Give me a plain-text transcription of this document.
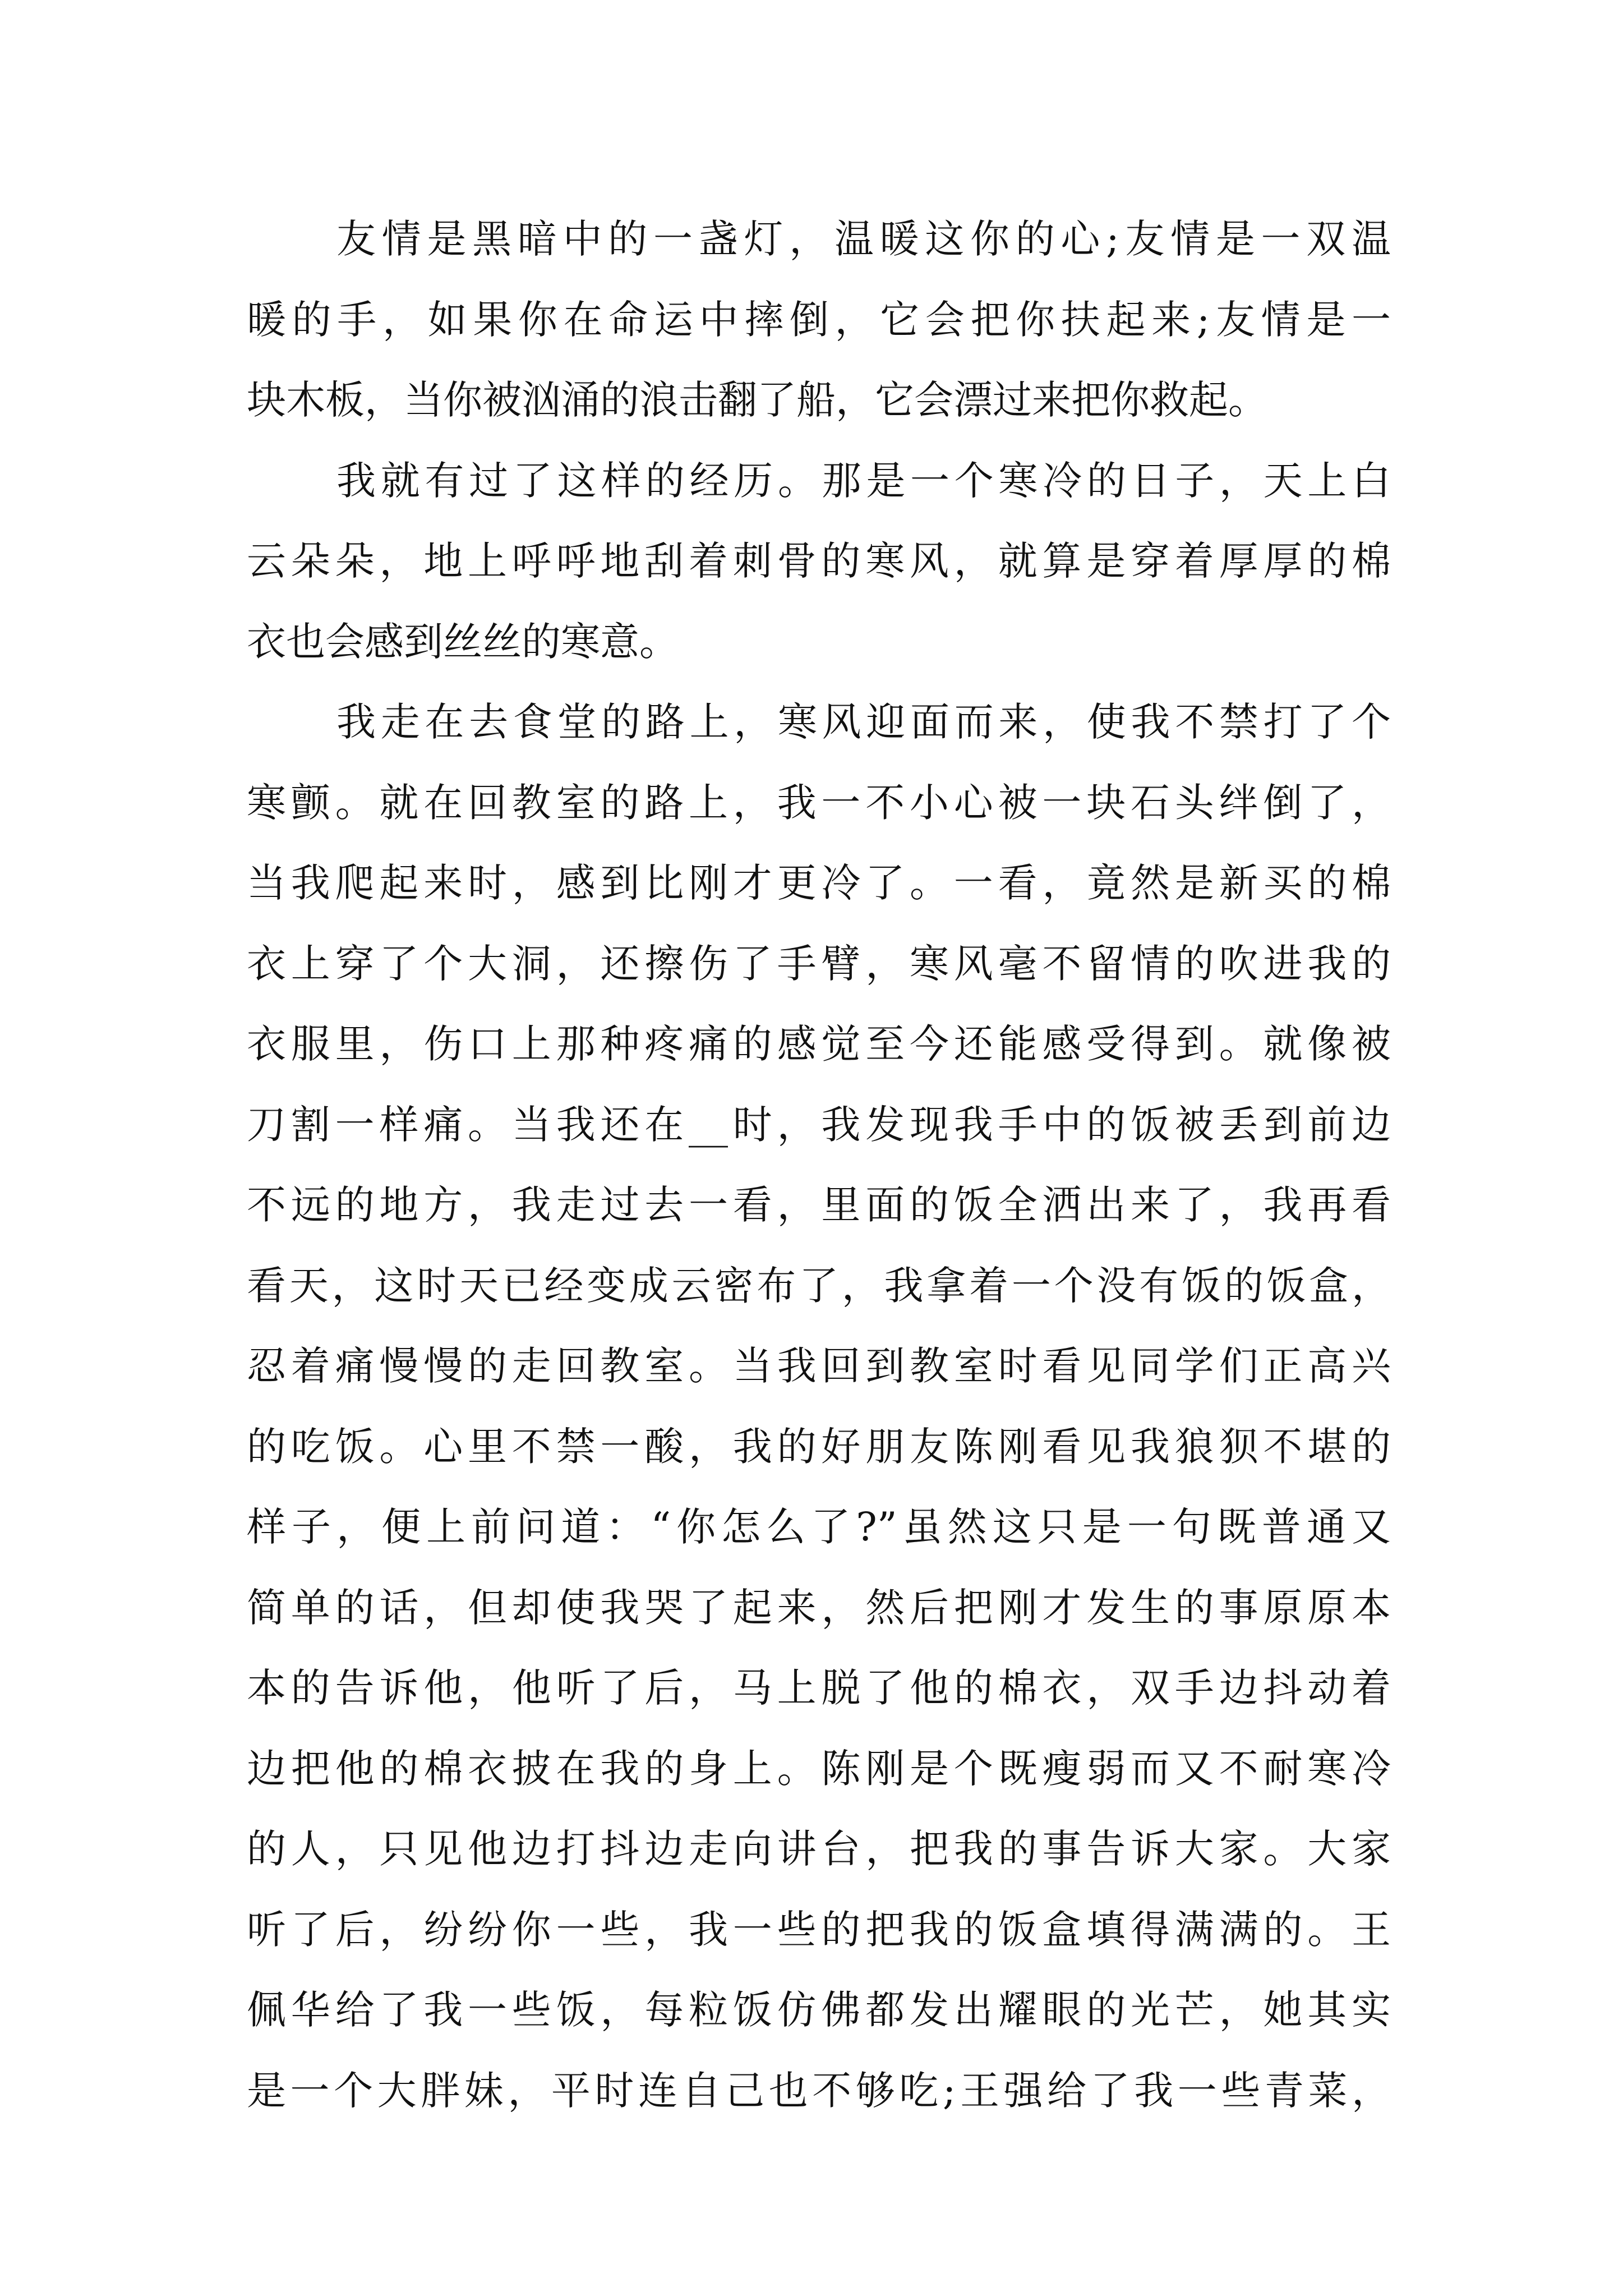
友情是黑暗中的一盏灯，温暖这你的心;友情是一双温
暖的手，如果你在命运中摔倒，它会把你扶起来;友情是一
块木板，当你被汹涌的浪击翻了船，它会漂过来把你救起。
我就有过了这样的经历。那是一个寒冷的日子，天上白
云朵朵，地上呼呼地刮着刺骨的寒风，就算是穿着厚厚的棉
衣也会感到丝丝的寒意。
我走在去食堂的路上，寒风迎面而来，使我不禁打了个
寒颤。就在回教室的路上，我一不小心被一块石头绊倒了，
当我爬起来时，感到比刚才更冷了。一看，竟然是新买的棉
衣上穿了个大洞，还擦伤了手臂，寒风毫不留情的吹进我的
衣服里，伤口上那种疼痛的感觉至今还能感受得到。就像被
刀割一样痛。当我还在__时，我发现我手中的饭被丢到前边
不远的地方，我走过去一看，里面的饭全洒出来了，我再看
看天，这时天已经变成云密布了，我拿着一个没有饭的饭盒，
忍着痛慢慢的走回教室。当我回到教室时看见同学们正高兴
的吃饭。心里不禁一酸，我的好朋友陈刚看见我狼狈不堪的
样子，便上前问道：“你怎么了?”虽然这只是一句既普通又
简单的话，但却使我哭了起来，然后把刚才发生的事原原本
本的告诉他，他听了后，马上脱了他的棉衣，双手边抖动着
边把他的棉衣披在我的身上。陈刚是个既瘦弱而又不耐寒冷
的人，只见他边打抖边走向讲台，把我的事告诉大家。大家
听了后，纷纷你一些，我一些的把我的饭盒填得满满的。王
佩华给了我一些饭，每粒饭仿佛都发出耀眼的光芒，她其实
是一个大胖妹，平时连自己也不够吃;王强给了我一些青菜，
